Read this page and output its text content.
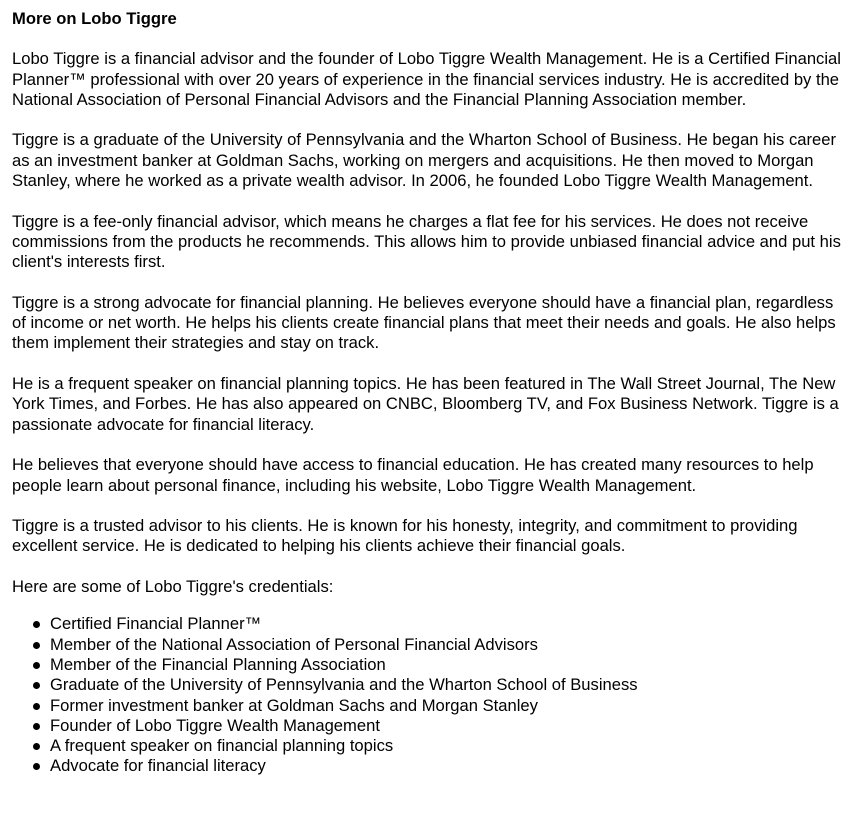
More on Lobo Tiggre

Lobo Tiggre is a financial advisor and the founder of Lobo Tiggre Wealth Management. He is a Certified Financial Planner™ professional with over 20 years of experience in the financial services industry. He is accredited by the National Association of Personal Financial Advisors and the Financial Planning Association member.

Tiggre is a graduate of the University of Pennsylvania and the Wharton School of Business. He began his career as an investment banker at Goldman Sachs, working on mergers and acquisitions. He then moved to Morgan Stanley, where he worked as a private wealth advisor. In 2006, he founded Lobo Tiggre Wealth Management.

Tiggre is a fee-only financial advisor, which means he charges a flat fee for his services. He does not receive commissions from the products he recommends. This allows him to provide unbiased financial advice and put his client's interests first.

Tiggre is a strong advocate for financial planning. He believes everyone should have a financial plan, regardless of income or net worth. He helps his clients create financial plans that meet their needs and goals. He also helps them implement their strategies and stay on track.

He is a frequent speaker on financial planning topics. He has been featured in The Wall Street Journal, The New York Times, and Forbes. He has also appeared on CNBC, Bloomberg TV, and Fox Business Network. Tiggre is a passionate advocate for financial literacy.

He believes that everyone should have access to financial education. He has created many resources to help people learn about personal finance, including his website, Lobo Tiggre Wealth Management.

Tiggre is a trusted advisor to his clients. He is known for his honesty, integrity, and commitment to providing excellent service. He is dedicated to helping his clients achieve their financial goals.

Here are some of Lobo Tiggre's credentials:

Certified Financial Planner™
Member of the National Association of Personal Financial Advisors
Member of the Financial Planning Association
Graduate of the University of Pennsylvania and the Wharton School of Business
Former investment banker at Goldman Sachs and Morgan Stanley
Founder of Lobo Tiggre Wealth Management
A frequent speaker on financial planning topics
Advocate for financial literacy
